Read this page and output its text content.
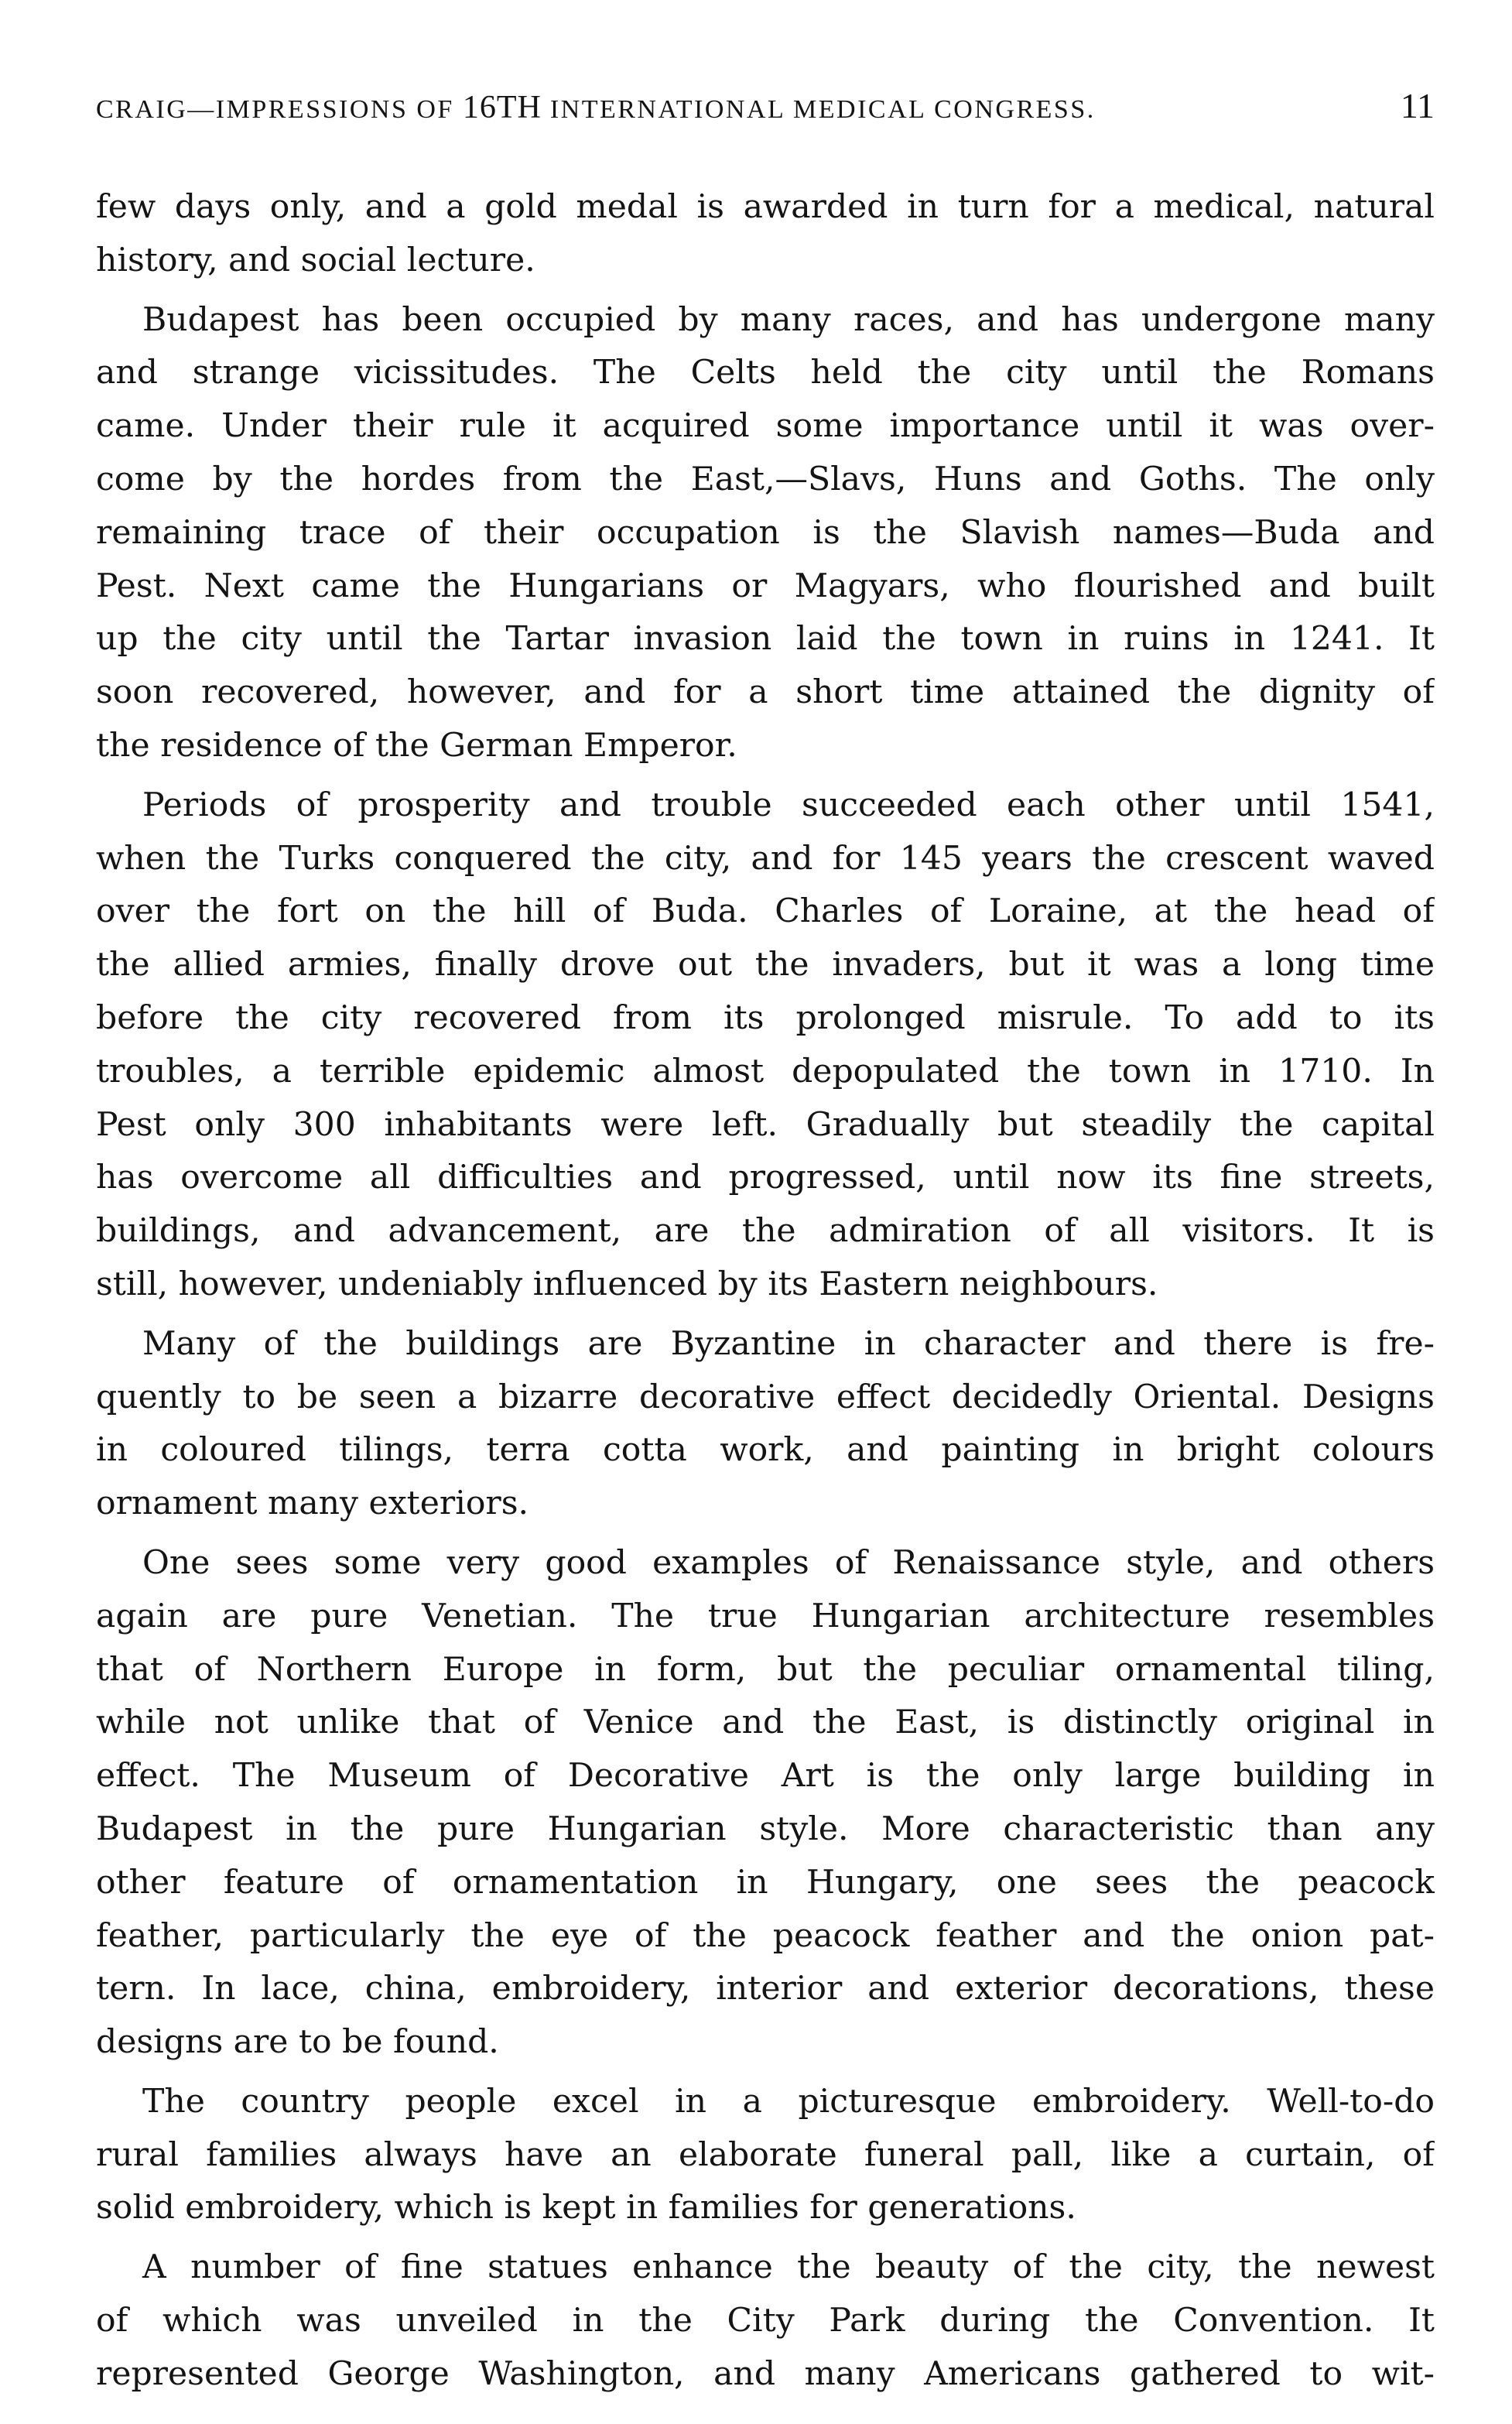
CRAIG—IMPRESSIONS OF 16TH INTERNATIONAL MEDICAL CONGRESS.	11
few days only, and a gold medal is awarded in turn for a medical, natural
history, and social lecture.
Budapest has been occupied by many races, and has undergone many
and strange vicissitudes. The Celts held the city until the Romans
came. Under their rule it acquired some importance until it was over-
come by the hordes from the East,—Slavs, Huns and Goths. The only
remaining trace of their occupation is the Slavish names—Buda and
Pest. Next came the Hungarians or Magyars, who flourished and built
up the city until the Tartar invasion laid the town in ruins in 1241. It
soon recovered, however, and for a short time attained the dignity of
the residence of the German Emperor.
Periods of prosperity and trouble succeeded each other until 1541,
when the Turks conquered the city, and for 145 years the crescent waved
over the fort on the hill of Buda. Charles of Loraine, at the head of
the allied armies, finally drove out the invaders, but it was a long time
before the city recovered from its prolonged misrule. To add to its
troubles, a terrible epidemic almost depopulated the town in 1710. In
Pest only 300 inhabitants were left. Gradually but steadily the capital
has overcome all difficulties and progressed, until now its fine streets,
buildings, and advancement, are the admiration of all visitors. It is
still, however, undeniably influenced by its Eastern neighbours.
Many of the buildings are Byzantine in character and there is fre-
quently to be seen a bizarre decorative effect decidedly Oriental. Designs
in coloured tilings, terra cotta work, and painting in bright colours
ornament many exteriors.
One sees some very good examples of Renaissance style, and others
again are pure Venetian. The true Hungarian architecture resembles
that of Northern Europe in form, but the peculiar ornamental tiling,
while not unlike that of Venice and the East, is distinctly original in
effect. The Museum of Decorative Art is the only large building in
Budapest in the pure Hungarian style. More characteristic than any
other feature of ornamentation in Hungary, one sees the peacock
feather, particularly the eye of the peacock feather and the onion pat-
tern. In lace, china, embroidery, interior and exterior decorations, these
designs are to be found.
The country people excel in a picturesque embroidery. Well-to-do
rural families always have an elaborate funeral pall, like a curtain, of
solid embroidery, which is kept in families for generations.
A number of fine statues enhance the beauty of the city, the newest
of which was unveiled in the City Park during the Convention. It
represented George Washington, and many Americans gathered to wit-
